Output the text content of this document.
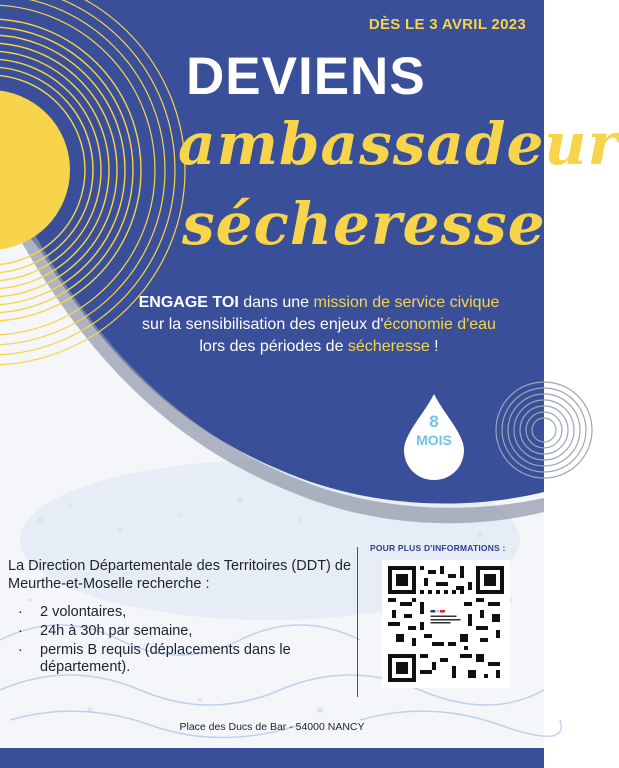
DÈS LE 3 AVRIL 2023
DEVIENS
ambassadeur
sécheresse
ENGAGE TOI dans une mission de service civique sur la sensibilisation des enjeux d'économie d'eau lors des périodes de sécheresse !
8
MOIS
La Direction Départementale des Territoires (DDT) de Meurthe-et-Moselle recherche :
· 2 volontaires,
· 24h à 30h par semaine,
· permis B requis (déplacements dans le département).
POUR PLUS D'INFORMATIONS :
Place des Ducs de Bar - 54000 NANCY
